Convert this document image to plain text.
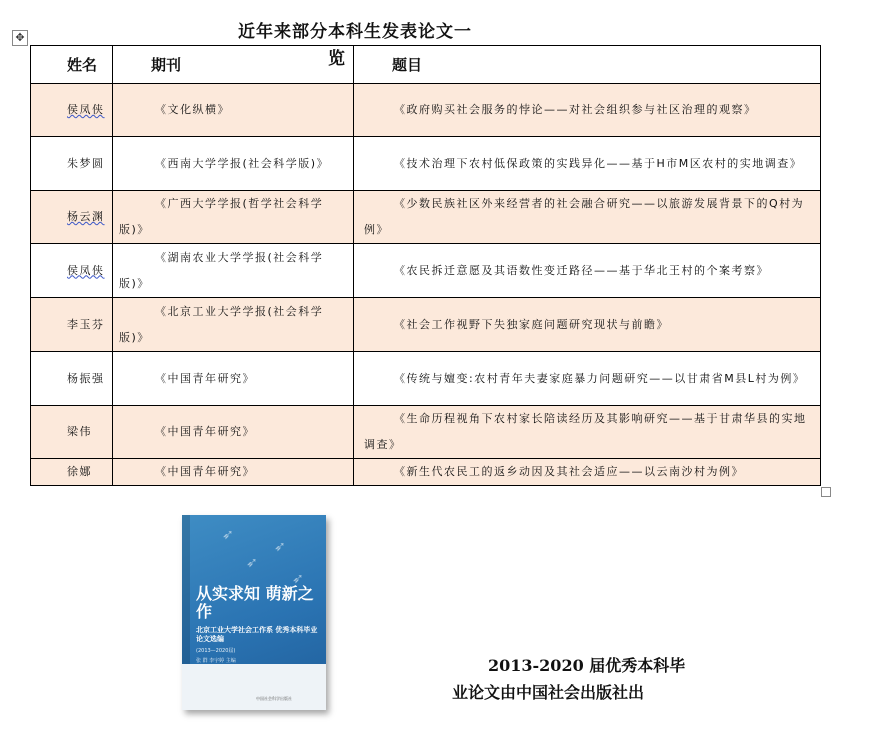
近年来部分本科生发表论文一
览
✥
姓名	期刊	题目
侯凤侠	《文化纵横》	《政府购买社会服务的悖论——对社会组织参与社区治理的观察》
朱梦圆	《西南大学学报(社会科学版)》	《技术治理下农村低保政策的实践异化——基于H市M区农村的实地调查》
杨云渊	《广西大学学报(哲学社会科学版)》	《少数民族社区外来经营者的社会融合研究——以旅游发展背景下的Q村为例》
侯凤侠	《湖南农业大学学报(社会科学版)》	《农民拆迁意愿及其语数性变迁路径——基于华北王村的个案考察》
李玉芬	《北京工业大学学报(社会科学版)》	《社会工作视野下失独家庭问题研究现状与前瞻》
杨振强	《中国青年研究》	《传统与嬗变:农村青年夫妻家庭暴力问题研究——以甘肃省M县L村为例》
梁伟	《中国青年研究》	《生命历程视角下农村家长陪读经历及其影响研究——基于甘肃华县的实地调查》
徐娜	《中国青年研究》	《新生代农民工的返乡动因及其社会适应——以云南沙村为例》
➶
➶
➶
➶
从实求知 萌新之作
北京工业大学社会工作系 优秀本科毕业论文选编
(2013—2020届)
张 群 李宇婷 主编
中国社会科学出版社
2013-2020 届优秀本科毕
业论文由中国社会出版社出
